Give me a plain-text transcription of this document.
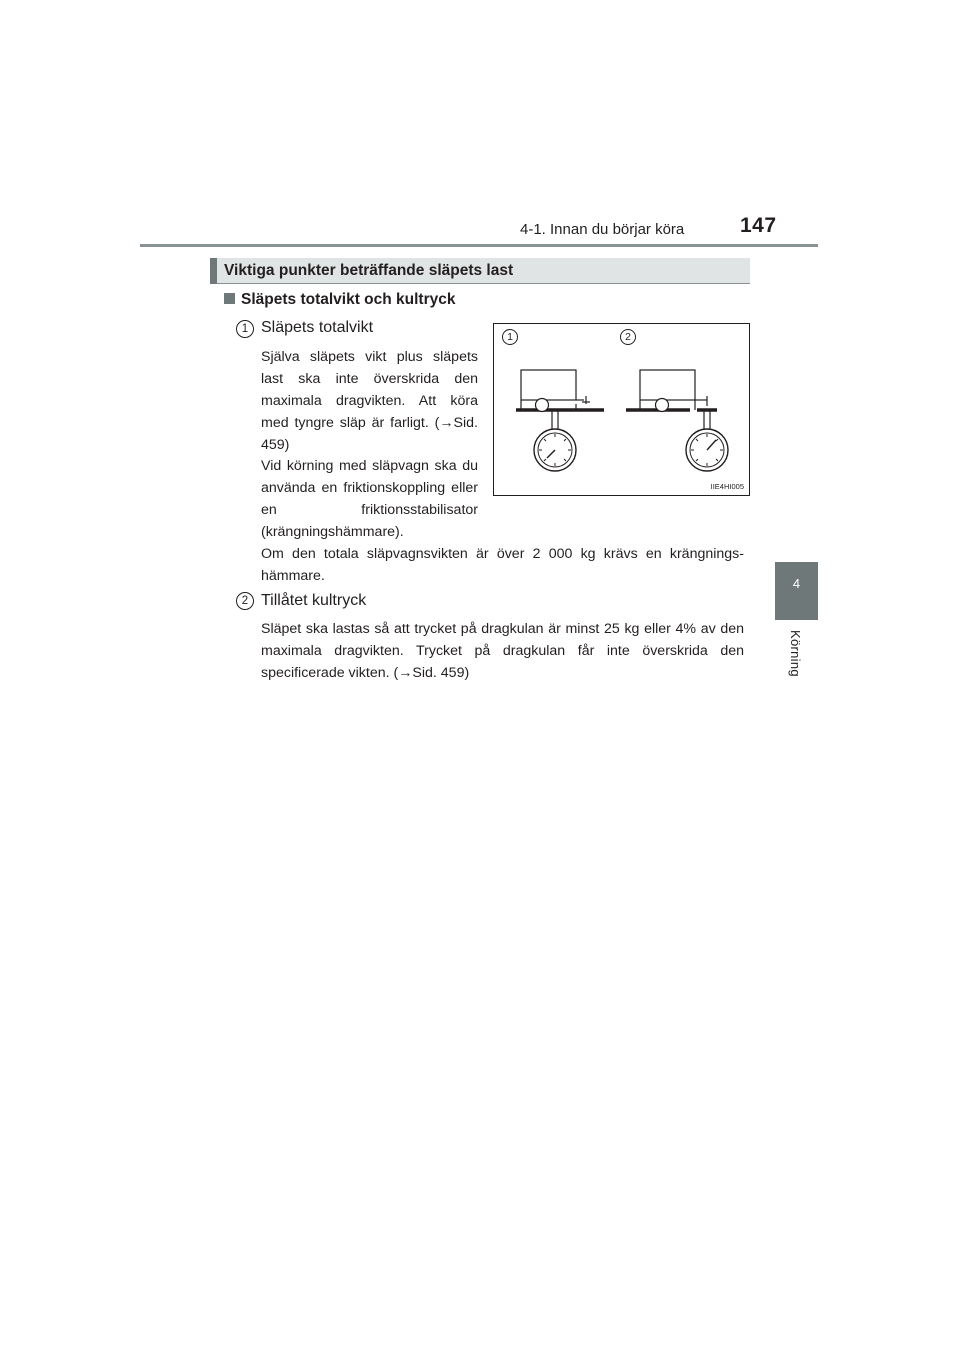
4-1. Innan du börjar köra	147
4
Körning
Viktiga punkter beträffande släpets last
Släpets totalvikt och kultryck
1 Släpets totalvikt

Själva släpets vikt plus släpets last ska inte överskrida den maximala dragvikten. Att köra med tyngre släp är farligt. (→Sid. 459)

Vid körning med släpvagn ska du använda en friktionskoppling eller en friktionsstabilisator (krängningshämmare).

Om den totala släpvagnsvikten är över 2 000 kg krävs en krängnings-hämmare.

2 Tillåtet kultryck

Släpet ska lastas så att trycket på dragkulan är minst 25 kg eller 4% av den maximala dragvikten. Trycket på dragkulan får inte överskrida den specificerade vikten. (→Sid. 459)

1	2
IIE4HI005
